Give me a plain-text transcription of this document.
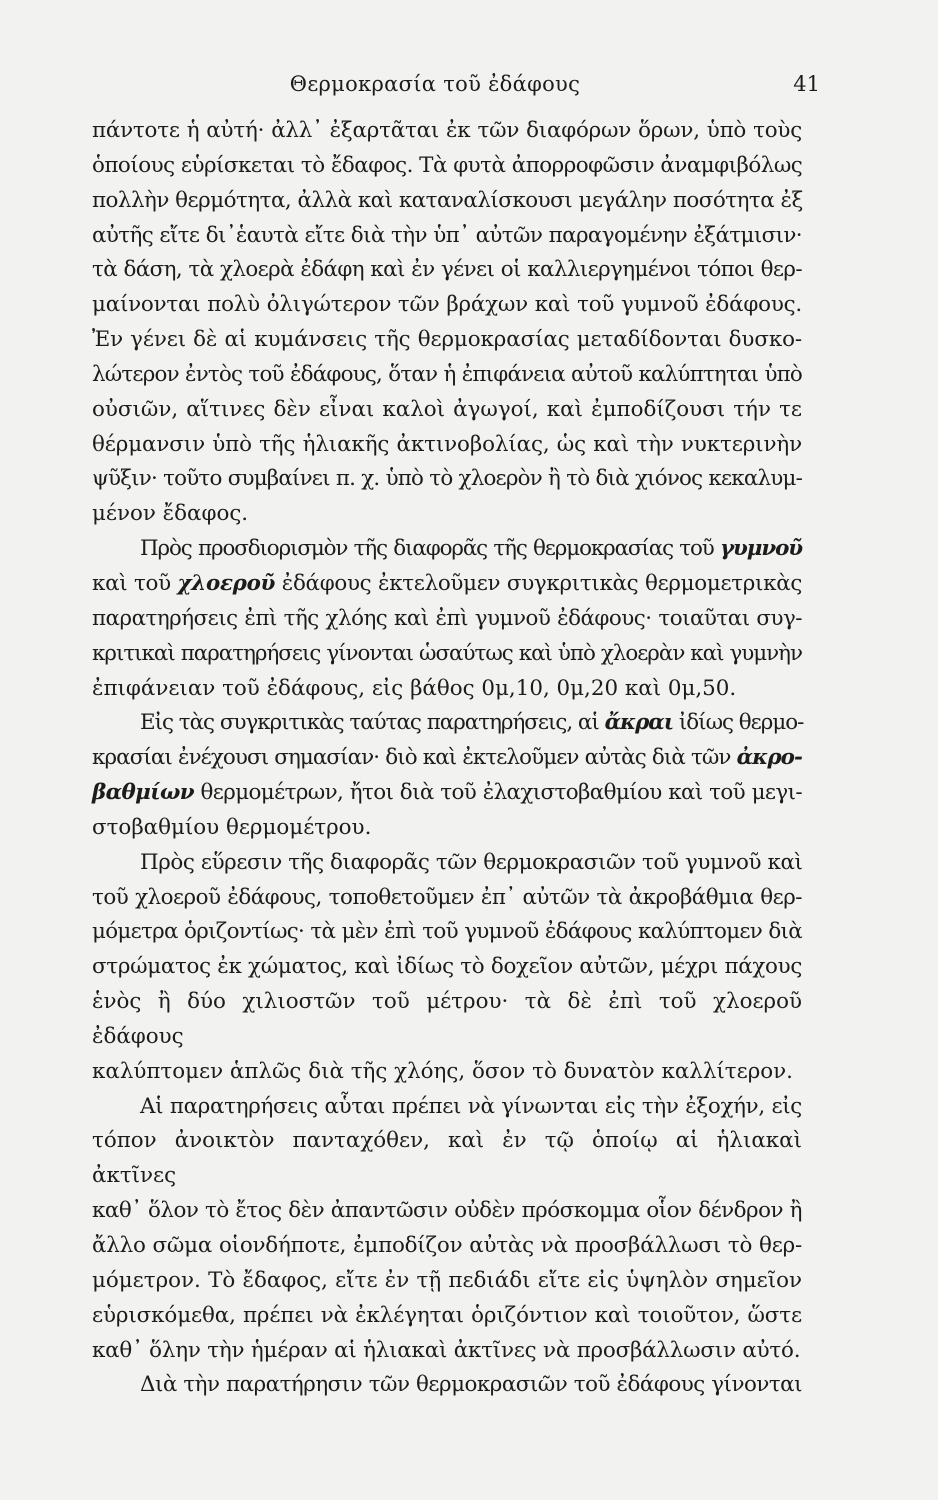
Θερμοκρασία τοῦ ἐδάφους	41

πάντοτε ἡ αὐτή· ἀλλ᾽ ἐξαρτᾶται ἐκ τῶν διαφόρων ὅρων, ὑπὸ τοὺς

ὁποίους εὑρίσκεται τὸ ἔδαφος. Τὰ φυτὰ ἀπορροφῶσιν ἀναμφιβόλως

πολλὴν θερμότητα, ἀλλὰ καὶ καταναλίσκουσι μεγάλην ποσότητα ἐξ

αὐτῆς εἴτε δι᾽ἑαυτὰ εἴτε διὰ τὴν ὑπ᾽ αὐτῶν παραγομένην ἐξάτμισιν·

τὰ δάση, τὰ χλοερὰ ἐδάφη καὶ ἐν γένει οἱ καλλιεργημένοι τόποι θερ-

μαίνονται πολὺ ὀλιγώτερον τῶν βράχων καὶ τοῦ γυμνοῦ ἐδάφους.

Ἐν γένει δὲ αἱ κυμάνσεις τῆς θερμοκρασίας μεταδίδονται δυσκο-

λώτερον ἐντὸς τοῦ ἐδάφους, ὅταν ἡ ἐπιφάνεια αὐτοῦ καλύπτηται ὑπὸ

οὐσιῶν, αἵτινες δὲν εἶναι καλοὶ ἀγωγοί, καὶ ἐμποδίζουσι τήν τε

θέρμανσιν ὑπὸ τῆς ἡλιακῆς ἀκτινοβολίας, ὡς καὶ τὴν νυκτερινὴν

ψῦξιν· τοῦτο συμβαίνει π. χ. ὑπὸ τὸ χλοερὸν ἢ τὸ διὰ χιόνος κεκαλυμ-

μένον ἔδαφος.

Πρὸς προσδιορισμὸν τῆς διαφορᾶς τῆς θερμοκρασίας τοῦ γυμνοῦ

καὶ τοῦ χλοεροῦ ἐδάφους ἐκτελοῦμεν συγκριτικὰς θερμομετρικὰς

παρατηρήσεις ἐπὶ τῆς χλόης καὶ ἐπὶ γυμνοῦ ἐδάφους· τοιαῦται συγ-

κριτικαὶ παρατηρήσεις γίνονται ὡσαύτως καὶ ὑπὸ χλοερὰν καὶ γυμνὴν

ἐπιφάνειαν τοῦ ἐδάφους, εἰς βάθος 0μ,10, 0μ,20 καὶ 0μ,50.

Εἰς τὰς συγκριτικὰς ταύτας παρατηρήσεις, αἱ ἄκραι ἰδίως θερμο-

κρασίαι ἐνέχουσι σημασίαν· διὸ καὶ ἐκτελοῦμεν αὐτὰς διὰ τῶν ἀκρο-

βαθμίων θερμομέτρων, ἤτοι διὰ τοῦ ἐλαχιστοβαθμίου καὶ τοῦ μεγι-

στοβαθμίου θερμομέτρου.

Πρὸς εὕρεσιν τῆς διαφορᾶς τῶν θερμοκρασιῶν τοῦ γυμνοῦ καὶ

τοῦ χλοεροῦ ἐδάφους, τοποθετοῦμεν ἐπ᾽ αὐτῶν τὰ ἀκροβάθμια θερ-

μόμετρα ὁριζοντίως· τὰ μὲν ἐπὶ τοῦ γυμνοῦ ἐδάφους καλύπτομεν διὰ

στρώματος ἐκ χώματος, καὶ ἰδίως τὸ δοχεῖον αὐτῶν, μέχρι πάχους

ἑνὸς ἢ δύο χιλιοστῶν τοῦ μέτρου· τὰ δὲ ἐπὶ τοῦ χλοεροῦ ἐδάφους

καλύπτομεν ἁπλῶς διὰ τῆς χλόης, ὅσον τὸ δυνατὸν καλλίτερον.

Αἱ παρατηρήσεις αὗται πρέπει νὰ γίνωνται εἰς τὴν ἐξοχήν, εἰς

τόπον ἀνοικτὸν πανταχόθεν, καὶ ἐν τῷ ὁποίῳ αἱ ἡλιακαὶ ἀκτῖνες

καθ᾽ ὅλον τὸ ἔτος δὲν ἀπαντῶσιν οὐδὲν πρόσκομμα οἷον δένδρον ἢ

ἄλλο σῶμα οἱονδήποτε, ἐμποδίζον αὐτὰς νὰ προσβάλλωσι τὸ θερ-

μόμετρον. Τὸ ἔδαφος, εἴτε ἐν τῇ πεδιάδι εἴτε εἰς ὑψηλὸν σημεῖον

εὑρισκόμεθα, πρέπει νὰ ἐκλέγηται ὁριζόντιον καὶ τοιοῦτον, ὥστε

καθ᾽ ὅλην τὴν ἡμέραν αἱ ἡλιακαὶ ἀκτῖνες νὰ προσβάλλωσιν αὐτό.

Διὰ τὴν παρατήρησιν τῶν θερμοκρασιῶν τοῦ ἐδάφους γίνονται
